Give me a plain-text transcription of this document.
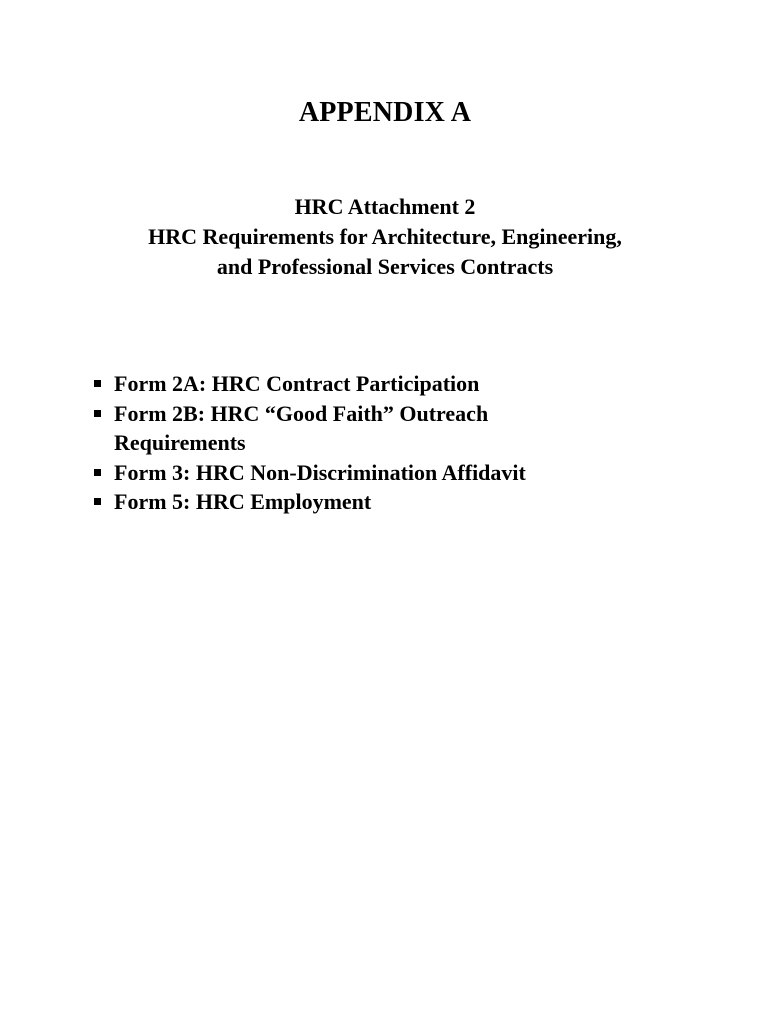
APPENDIX A
HRC Attachment 2
HRC Requirements for Architecture, Engineering,
and Professional Services Contracts
Form 2A: HRC Contract Participation
Form 2B: HRC “Good Faith” Outreach
Requirements
Form 3: HRC Non-Discrimination Affidavit
Form 5: HRC Employment
